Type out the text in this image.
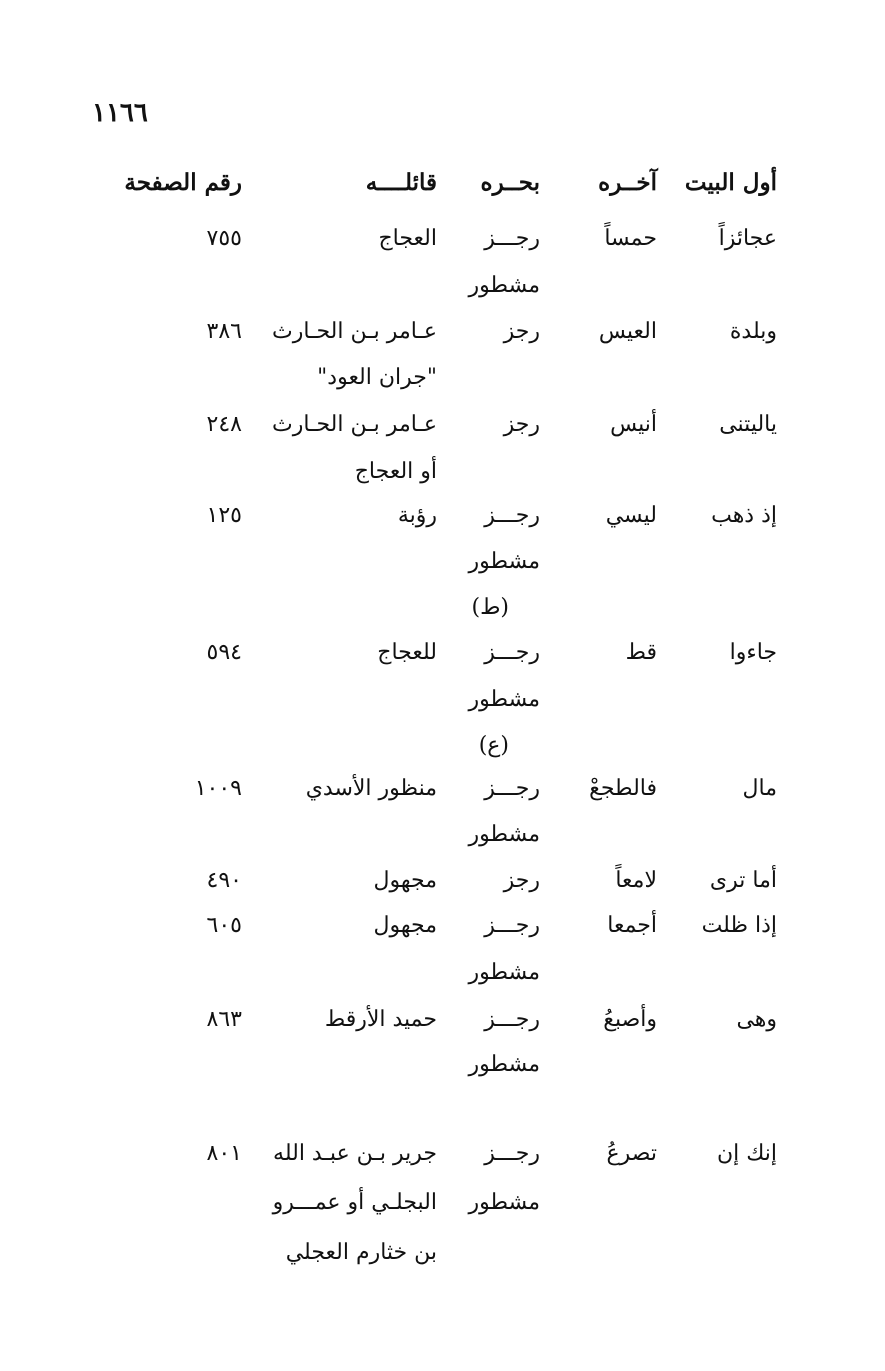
١١٦٦
أول البيت
آخــره
بحــره
قائلــــه
رقم الصفحة
عجائزاً
حمساً
رجـــز
العجاج
٧٥٥
مشطور
وبلدة
العيس
رجز
عـامر بـن الحـارث
٣٨٦
"جران العود"
ياليتنى
أنيس
رجز
عـامر بـن الحـارث
٢٤٨
أو العجاج
إذ ذهب
ليسي
رجـــز
رؤبة
١٢٥
مشطور
(ط)
جاءوا
قط
رجـــز
للعجاج
٥٩٤
مشطور
(ع)
مال
فالطجعْ
رجـــز
منظور الأسدي
١٠٠٩
مشطور
أما ترى
لامعاً
رجز
مجهول
٤٩٠
إذا ظلت
أجمعا
رجـــز
مجهول
٦٠٥
مشطور
وهى
وأصبعُ
رجـــز
حميد الأرقط
٨٦٣
مشطور
إنك إن
تصرعُ
رجـــز
جرير بـن عبـد الله
٨٠١
مشطور
البجلـي أو عمـــرو
بن خثارم العجلي
